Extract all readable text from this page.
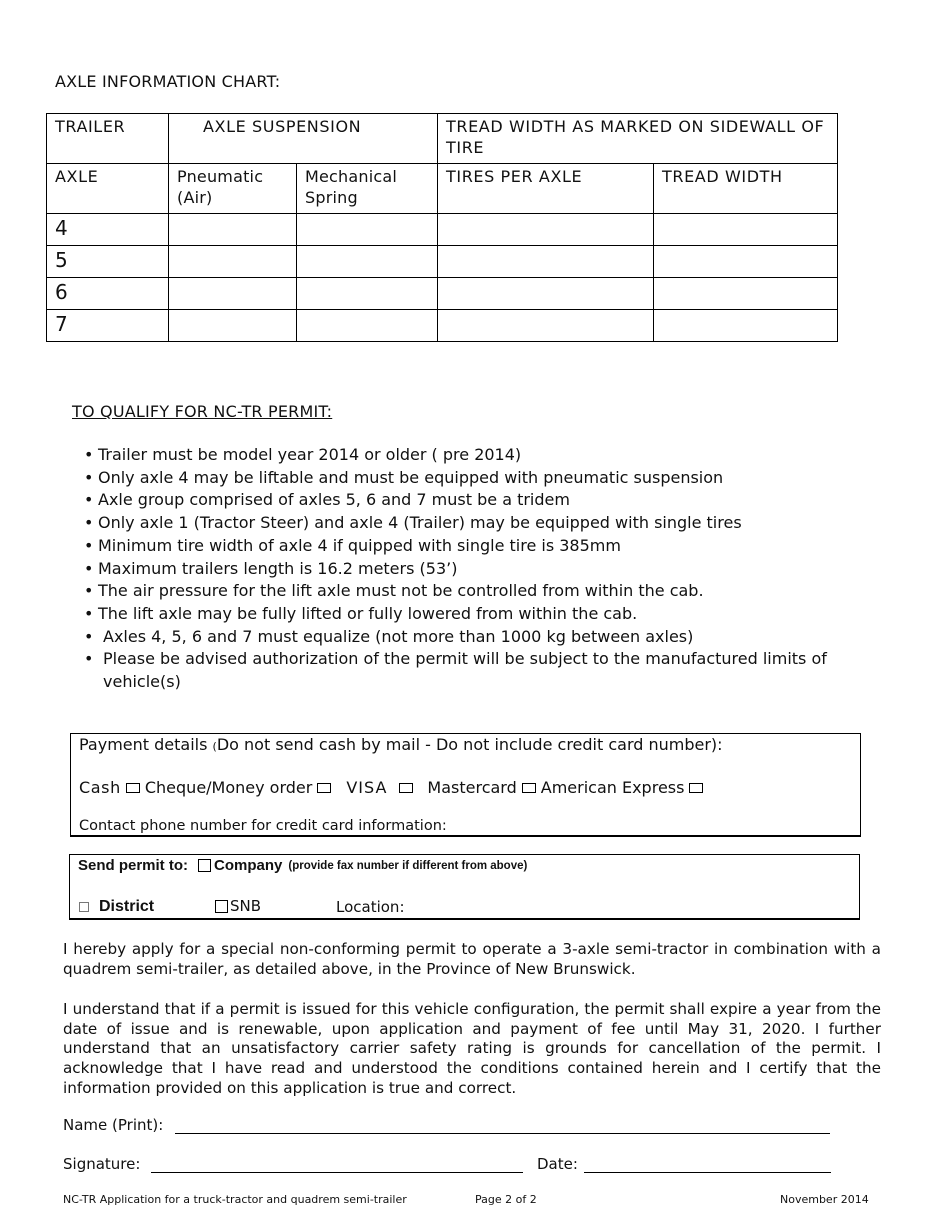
AXLE INFORMATION CHART:
TRAILER	AXLE SUSPENSION		TREAD WIDTH AS MARKED ON SIDEWALL OF TIRE	
AXLE	Pneumatic (Air)	Mechanical Spring	TIRES PER AXLE	TREAD WIDTH
4				
5				
6				
7				
TO QUALIFY FOR NC-TR PERMIT:
• Trailer must be model year 2014 or older ( pre 2014)
• Only axle 4 may be liftable and must be equipped with pneumatic suspension
• Axle group comprised of axles 5, 6 and 7 must be a tridem
• Only axle 1 (Tractor Steer) and axle 4 (Trailer) may be equipped with single tires
• Minimum tire width of axle 4 if quipped with single tire is 385mm
• Maximum trailers length is 16.2 meters (53’)
• The air pressure for the lift axle must not be controlled from within the cab.
• The lift axle may be fully lifted or fully lowered from within the cab.
• Axles 4, 5, 6 and 7 must equalize (not more than 1000 kg between axles)
• Please be advised authorization of the permit will be subject to the manufactured limits of vehicle(s)
Payment details (Do not send cash by mail - Do not include credit card number):
Cash Cheque/Money order VISA	Mastercard American Express
Contact phone number for credit card information:
Send permit to: Company (provide fax number if different from above)
District	SNB	Location:
I hereby apply for a special non-conforming permit to operate a 3-axle semi-tractor in combination with a quadrem semi-trailer, as detailed above, in the Province of New Brunswick.
I understand that if a permit is issued for this vehicle configuration, the permit shall expire a year from the date of issue and is renewable, upon application and payment of fee until May 31, 2020. I further understand that an unsatisfactory carrier safety rating is grounds for cancellation of the permit. I acknowledge that I have read and understood the conditions contained herein and I certify that the information provided on this application is true and correct.
Name (Print):
Signature:	Date:
NC-TR Application for a truck-tractor and quadrem semi-trailer	Page 2 of 2	November 2014
